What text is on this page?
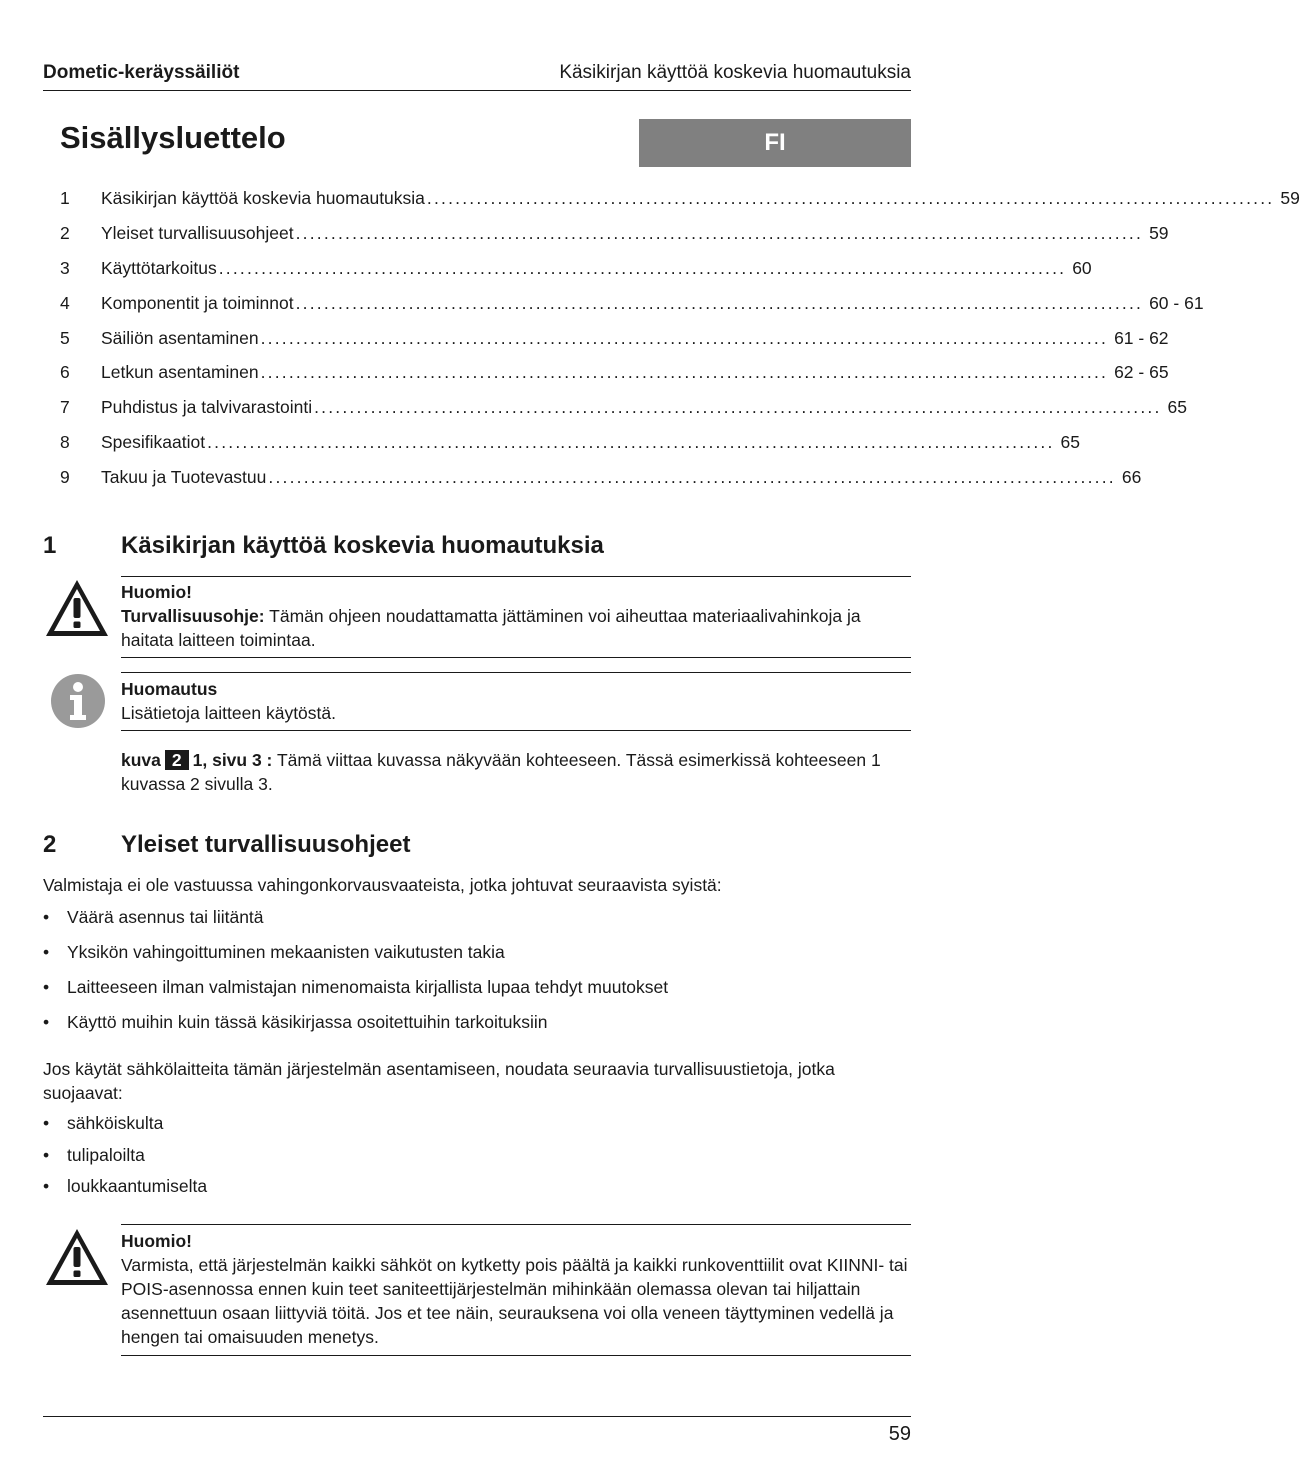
Dometic-keräyssäiliöt	Käsikirjan käyttöä koskevia huomautuksia
Sisällysluettelo	FI
1	Käsikirjan käyttöä koskevia huomautuksia ........................................................................................................................ 59
2	Yleiset turvallisuusohjeet ........................................................................................................................ 59
3	Käyttötarkoitus ........................................................................................................................ 60
4	Komponentit ja toiminnot ........................................................................................................................ 60 - 61
5	Säiliön asentaminen ........................................................................................................................ 61 - 62
6	Letkun asentaminen ........................................................................................................................ 62 - 65
7	Puhdistus ja talvivarastointi ........................................................................................................................ 65
8	Spesifikaatiot ........................................................................................................................ 65
9	Takuu ja Tuotevastuu ........................................................................................................................ 66
1	Käsikirjan käyttöä koskevia huomautuksia
Huomio!
Turvallisuusohje: Tämän ohjeen noudattamatta jättäminen voi aiheuttaa materiaalivahinkoja ja haitata laitteen toimintaa.
Huomautus
Lisätietoja laitteen käytöstä.
kuva 2 1, sivu 3 : Tämä viittaa kuvassa näkyvään kohteeseen. Tässä esimerkissä kohteeseen 1 kuvassa 2 sivulla 3.
2	Yleiset turvallisuusohjeet
Valmistaja ei ole vastuussa vahingonkorvausvaateista, jotka johtuvat seuraavista syistä:
•	Väärä asennus tai liitäntä
•	Yksikön vahingoittuminen mekaanisten vaikutusten takia
•	Laitteeseen ilman valmistajan nimenomaista kirjallista lupaa tehdyt muutokset
•	Käyttö muihin kuin tässä käsikirjassa osoitettuihin tarkoituksiin
Jos käytät sähkölaitteita tämän järjestelmän asentamiseen, noudata seuraavia turvallisuustietoja, jotka suojaavat:
•	sähköiskulta
•	tulipaloilta
•	loukkaantumiselta
Huomio!
Varmista, että järjestelmän kaikki sähköt on kytketty pois päältä ja kaikki runkoventtiilit ovat KIINNI- tai POIS-asennossa ennen kuin teet saniteettijärjestelmän mihinkään olemassa olevan tai hiljattain asennettuun osaan liittyviä töitä. Jos et tee näin, seurauksena voi olla veneen täyttyminen vedellä ja hengen tai omaisuuden menetys.
59
